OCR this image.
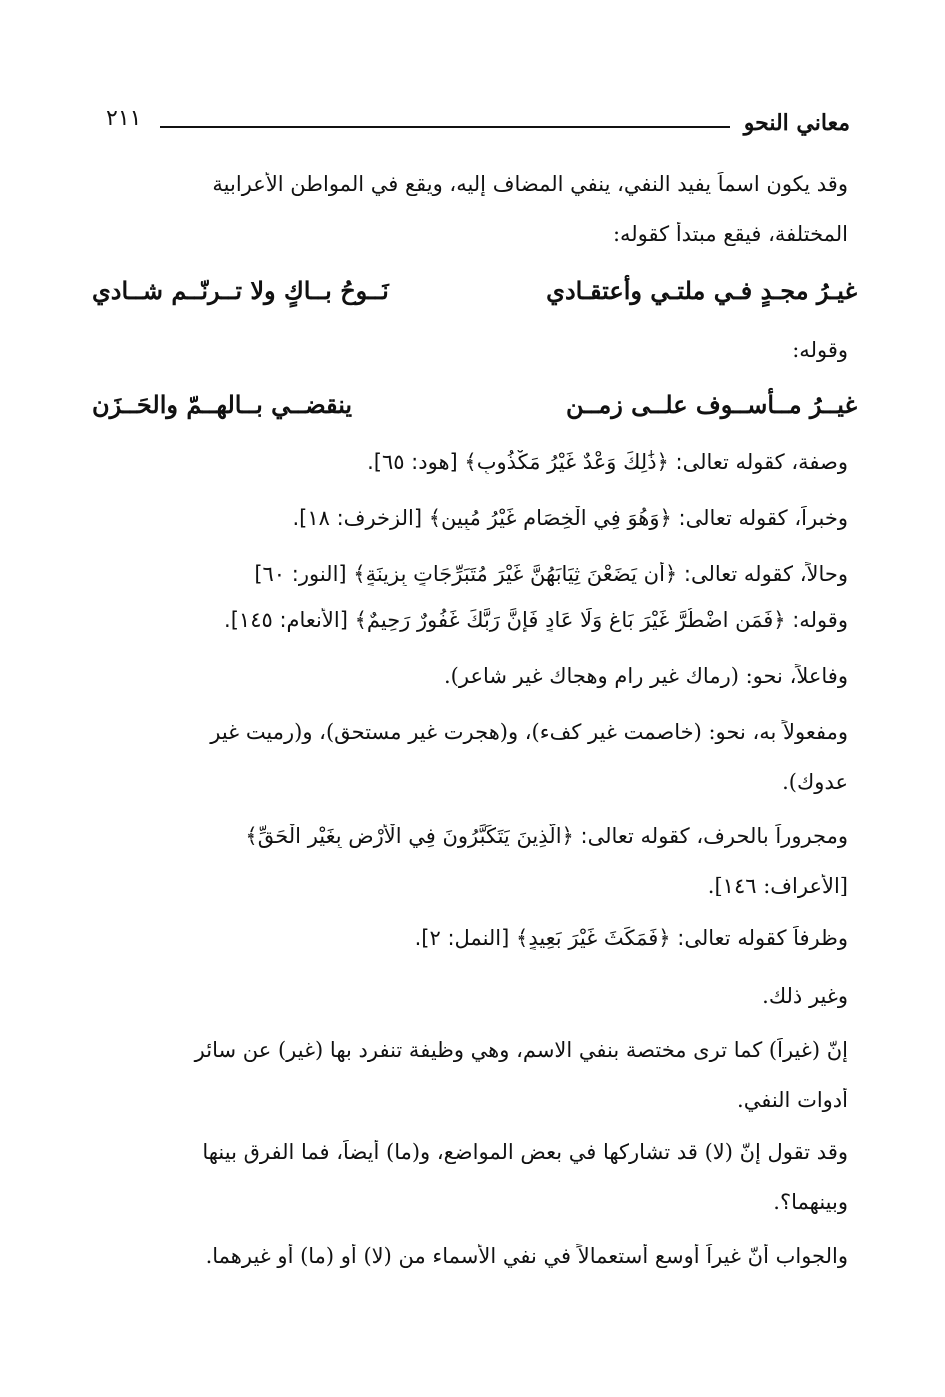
٢١١	معاني النحو
وقد يكون اسماً يفيد النفي، ينفي المضاف إليه، ويقع في المواطن الأعرابية
المختلفة، فيقع مبتدأ كقوله:
غيـرُ مجـدٍ فـي ملتـي وأعتقـادي
نَــوحُ بــاكٍ ولا تــرنّــم شــادي
وقوله:
غيــرُ مــأســوف علــى زمــن
ينقضــي بــالهــمّ والحَــزَن
وصفة، كقوله تعالى: ﴿ذَٰلِكَ وَعْدٌ غَيْرُ مَكْذُوبٍ﴾ [هود: ٦٥].
وخبراً، كقوله تعالى: ﴿وَهُوَ فِي الْخِصَامِ غَيْرُ مُبِينٍ﴾ [الزخرف: ١٨].
وحالاً، كقوله تعالى: ﴿أَن يَضَعْنَ ثِيَابَهُنَّ غَيْرَ مُتَبَرِّجَاتٍ بِزِينَةٍ﴾ [النور: ٦٠]
وقوله: ﴿فَمَنِ اضْطُرَّ غَيْرَ بَاغٍ وَلَا عَادٍ فَإِنَّ رَبَّكَ غَفُورٌ رَحِيمٌ﴾ [الأنعام: ١٤٥].
وفاعلاً، نحو: (رماك غير رام وهجاك غير شاعر).
ومفعولاً به، نحو: (خاصمت غير كفء)، و(هجرت غير مستحق)، و(رميت غير
عدوك).
ومجروراً بالحرف، كقوله تعالى: ﴿الَّذِينَ يَتَكَبَّرُونَ فِي الْأَرْضِ بِغَيْرِ الْحَقِّ﴾
[الأعراف: ١٤٦].
وظرفاً كقوله تعالى: ﴿فَمَكَثَ غَيْرَ بَعِيدٍ﴾ [النمل: ٢].
وغير ذلك.
إنّ (غيراً) كما ترى مختصة بنفي الاسم، وهي وظيفة تنفرد بها (غير) عن سائر
أدوات النفي.
وقد تقول إنّ (لا) قد تشاركها في بعض المواضع، و(ما) أيضاً، فما الفرق بينها
وبينهما؟.
والجواب أنّ غيراً أوسع أستعمالاً في نفي الأسماء من (لا) أو (ما) أو غيرهما.
